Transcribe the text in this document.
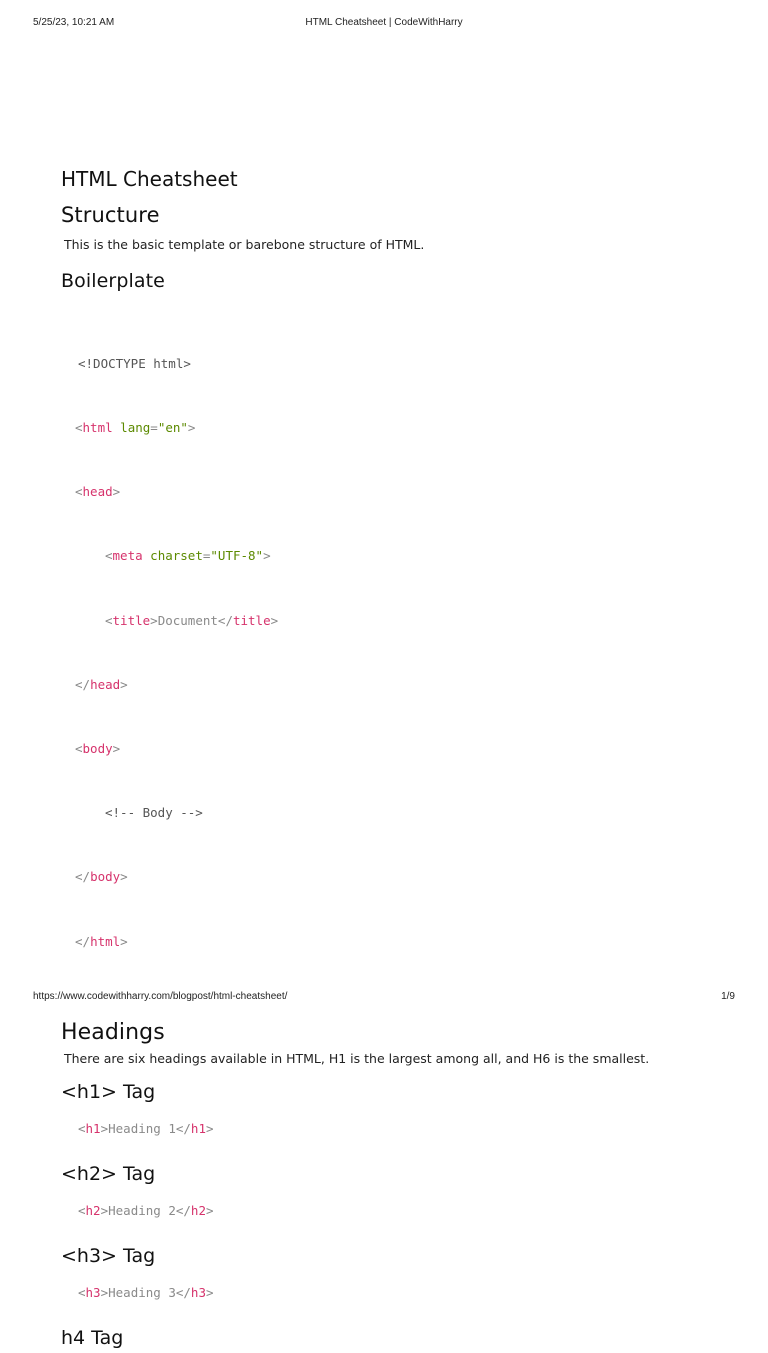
5/25/23, 10:21 AM	HTML Cheatsheet | CodeWithHarry
HTML Cheatsheet
Structure

This is the basic template or barebone structure of HTML.

Boilerplate

<!DOCTYPE html>

<html lang="en">

<head>

<meta charset="UTF-8">

<title>Document</title>

</head>

<body>

<!-- Body -->

</body>

</html>

Headings

There are six headings available in HTML, H1 is the largest among all, and H6 is the smallest.

<h1> Tag
<h1>Heading 1</h1>
<h2> Tag
<h2>Heading 2</h2>
<h3> Tag
<h3>Heading 3</h3>
h4 Tag
https://www.codewithharry.com/blogpost/html-cheatsheet/	1/9
